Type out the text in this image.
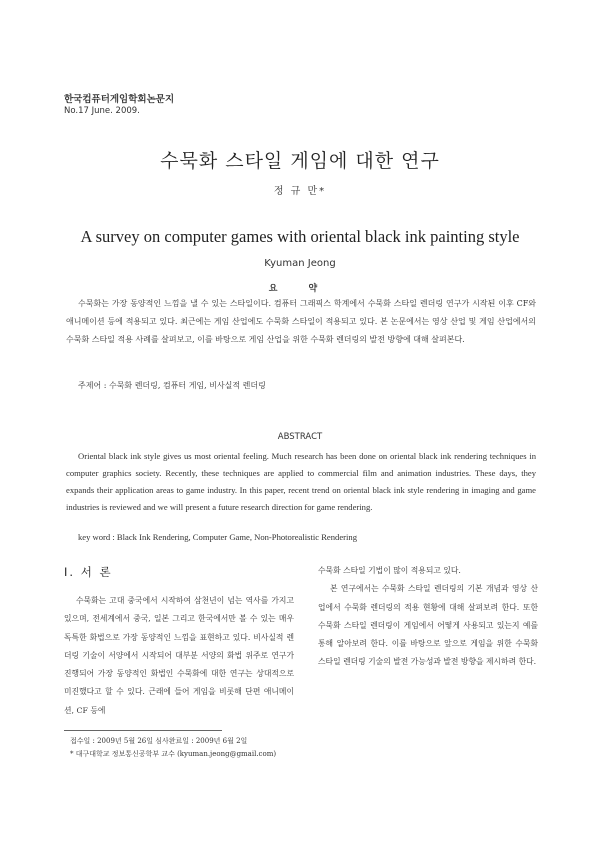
한국컴퓨터게임학회논문지
No.17 June. 2009.
수묵화 스타일 게임에 대한 연구
정 규 만*
A survey on computer games with oriental black ink painting style
Kyuman Jeong
요 약
수묵화는 가장 동양적인 느낌을 낼 수 있는 스타일이다. 컴퓨터 그래픽스 학계에서 수묵화 스타일 렌더링 연구가 시작된 이후 CF와 애니메이션 등에 적용되고 있다. 최근에는 게임 산업에도 수묵화 스타일이 적용되고 있다. 본 논문에서는 영상 산업 및 게임 산업에서의 수묵화 스타일 적용 사례를 살펴보고, 이를 바탕으로 게임 산업을 위한 수묵화 렌더링의 발전 방향에 대해 살펴본다.
주제어 : 수묵화 렌더링, 컴퓨터 게임, 비사실적 렌더링
ABSTRACT
Oriental black ink style gives us most oriental feeling. Much research has been done on oriental black ink rendering techniques in computer graphics society. Recently, these techniques are applied to commercial film and animation industries. These days, they expands their application areas to game industry. In this paper, recent trend on oriental black ink style rendering in imaging and game industries is reviewed and we will present a future research direction for game rendering.
key word : Black Ink Rendering, Computer Game, Non-Photorealistic Rendering
Ⅰ. 서 론

수묵화는 고대 중국에서 시작하여 삼천년이 넘는 역사를 가지고 있으며, 전세계에서 중국, 일본 그리고 한국에서만 볼 수 있는 매우 독특한 화법으로 가장 동양적인 느낌을 표현하고 있다. 비사실적 렌더링 기술이 서양에서 시작되어 대부분 서양의 화법 위주로 연구가 진행되어 가장 동양적인 화법인 수묵화에 대한 연구는 상대적으로 미진했다고 할 수 있다. 근래에 들어 게임을 비롯해 단편 애니메이션, CF 등에

수묵화 스타일 기법이 많이 적용되고 있다.

본 연구에서는 수묵화 스타일 렌더링의 기본 개념과 영상 산업에서 수묵화 렌더링의 적용 현황에 대해 살펴보려 한다. 또한 수묵화 스타일 렌더링이 게임에서 어떻게 사용되고 있는지 예를 통해 알아보려 한다. 이를 바탕으로 앞으로 게임을 위한 수묵화 스타일 렌더링 기술의 발전 가능성과 발전 방향을 제시하려 한다.

접수일 : 2009년 5월 26일 심사완료일 : 2009년 6월 2일
* 대구대학교 정보통신공학부 교수 (kyuman.jeong@gmail.com)
